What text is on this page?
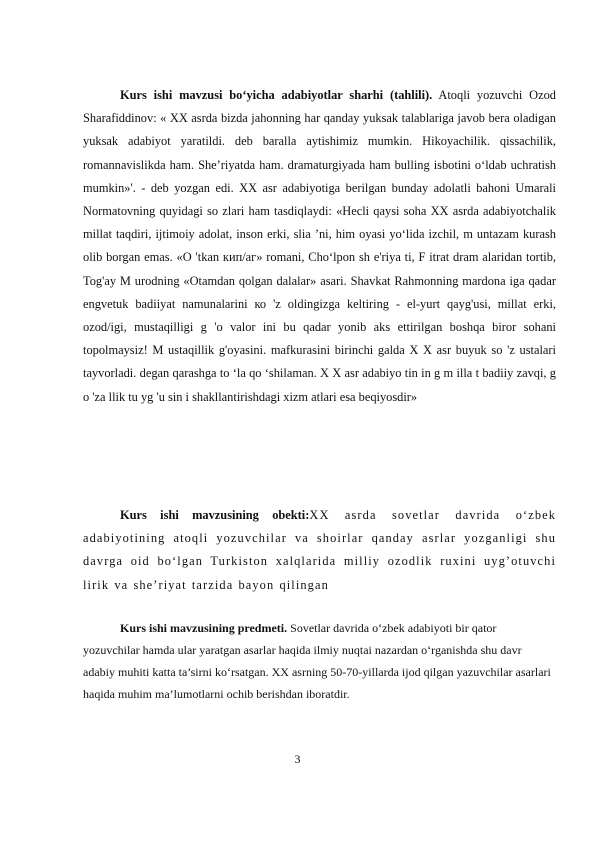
Kurs ishi mavzusi bo‘yicha adabiyotlar sharhi (tahlili). Atoqli yozuvchi Ozod Sharafiddinov: « XX asrda bizda jahonning har qanday yuksak talablariga javob bera oladigan yuksak adabiyot yaratildi. deb baralla aytishimiz mumkin. Hikoyachilik. qissachilik, romannavislikda ham. She’riyatda ham. dramaturgiyada ham bulling isbotini o‘ldab uchratish mumkin»'. - deb yozgan edi. XX asr adabiyotiga berilgan bunday adolatli bahoni Umarali Normatovning quyidagi so zlari ham tasdiqlaydi: «Hecli qaysi soha XX asrda adabiyotchalik millat taqdiri, ijtimoiy adolat, inson erki, slia ’ni, him oyasi yo‘lida izchil, m untazam kurash olib borgan emas. «O 'tkan кип/аг» romani, Cho‘lpon sh e'riya ti, F itrat dram alaridan tortib, Tog'ay M urodning «Otamdan qolgan dalalar» asari. Shavkat Rahmonning mardona iga qadar engvetuk badiiyat namunalarini ко 'z oldingizga keltiring - el-yurt qayg'usi, millat erki, ozod/igi, mustaqilligi g 'o valor ini bu qadar yonib aks ettirilgan boshqa biror sohani topolmaysiz! M ustaqillik g'oyasini. mafkurasini birinchi galda X X asr buyuk so 'z ustalari tayvorladi. degan qarashga to ‘la qo ‘shilaman. X X asr adabiyo tin in g m illa t badiiy zavqi, g o 'za llik tu yg 'u sin i shakllantirishdagi xizm atlari esa beqiyosdir»

Kurs ishi mavzusining obekti:XX asrda sovetlar davrida o‘zbek adabiyotining atoqli yozuvchilar va shoirlar qanday asrlar yozganligi shu davrga oid bo‘lgan Turkiston xalqlarida milliy ozodlik ruxini uyg’otuvchi lirik va she’riyat tarzida bayon qilingan

Kurs ishi mavzusining predmeti. Sovetlar davrida o‘zbek adabiyoti bir qator yozuvchilar hamda ular yaratgan asarlar haqida ilmiy nuqtai nazardan o‘rganishda shu davr adabiy muhiti katta ta’sirni ko‘rsatgan. XX asrning 50-70-yillarda ijod qilgan yazuvchilar asarlari haqida muhim ma’lumotlarni ochib berishdan iboratdir.

3
